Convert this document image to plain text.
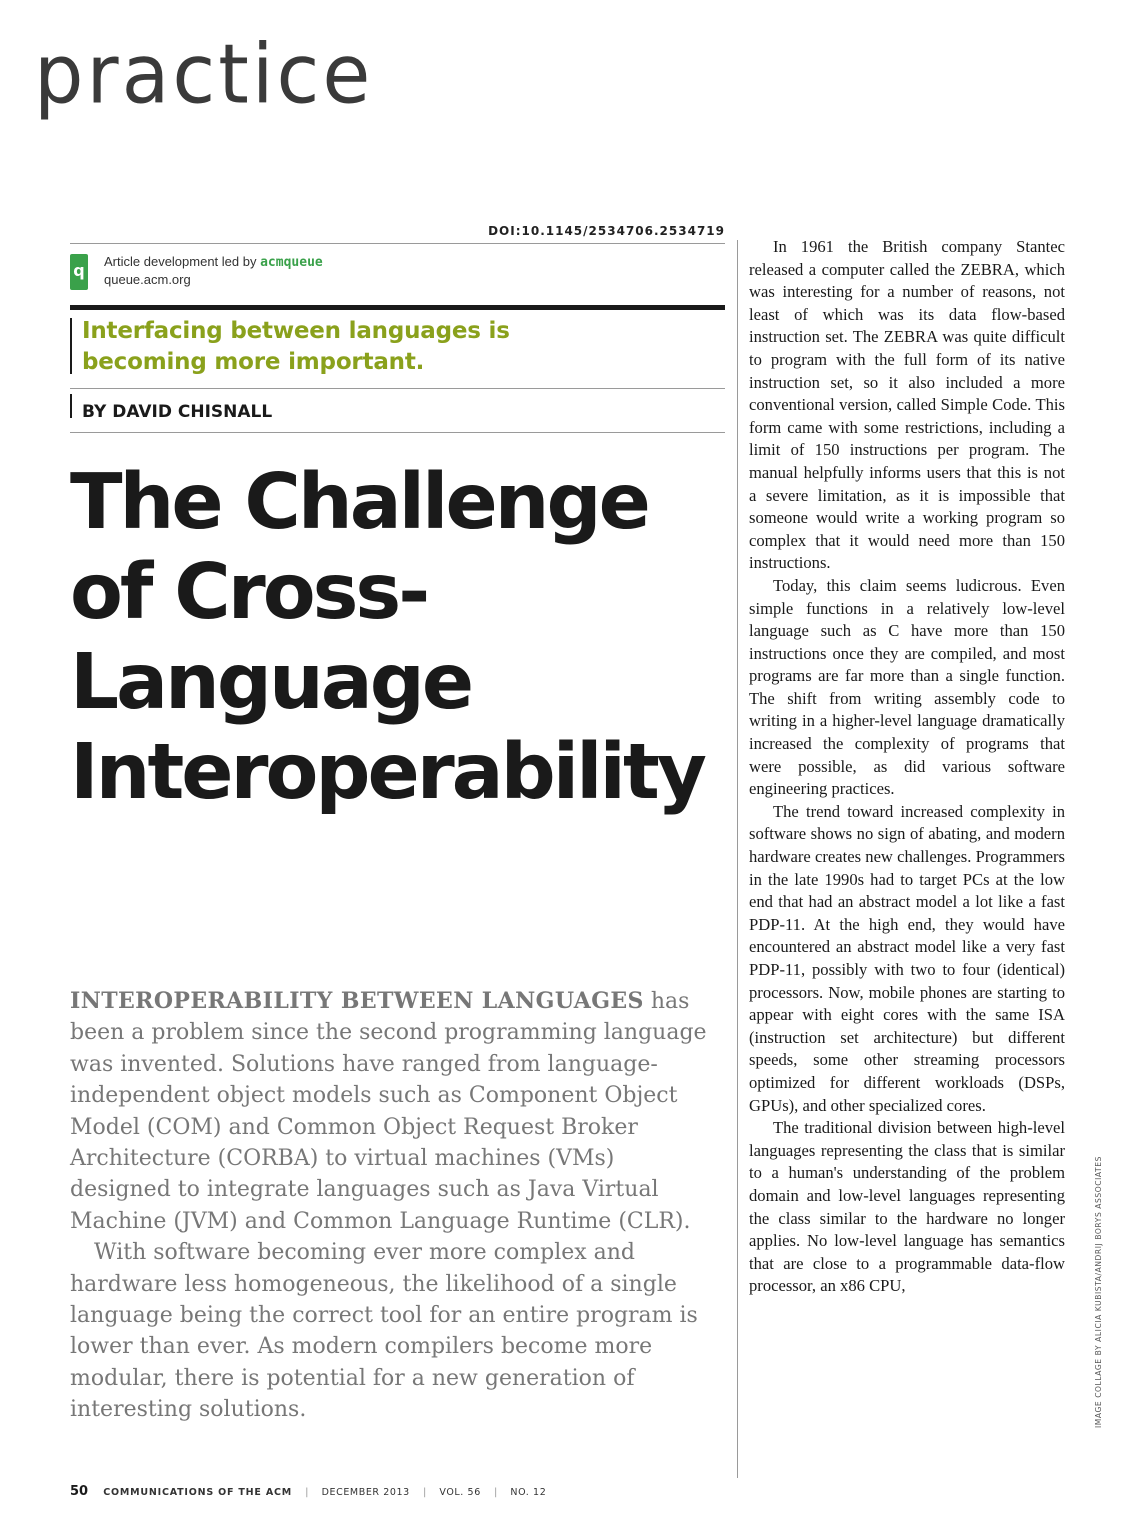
practice
DOI:10.1145/2534706.2534719
q Article development led by acmqueue
queue.acm.org
Interfacing between languages is becoming more important.
BY DAVID CHISNALL
The Challenge
of Cross-
Language
Interoperability

INTEROPERABILITY BETWEEN LANGUAGES has been a problem since the second programming language was invented. Solutions have ranged from language-independent object models such as Component Object Model (COM) and Common Object Request Broker Architecture (CORBA) to virtual machines (VMs) designed to integrate languages such as Java Virtual Machine (JVM) and Common Language Runtime (CLR).

With software becoming ever more complex and hardware less homogeneous, the likelihood of a single language being the correct tool for an entire program is lower than ever. As modern compilers become more modular, there is potential for a new generation of interesting solutions.

In 1961 the British company Stantec released a computer called the ZEBRA, which was interesting for a number of reasons, not least of which was its data flow-based instruction set. The ZEBRA was quite difficult to program with the full form of its native instruction set, so it also included a more conventional version, called Simple Code. This form came with some restrictions, including a limit of 150 instructions per program. The manual helpfully informs users that this is not a severe limitation, as it is impossible that someone would write a working program so complex that it would need more than 150 instructions.

Today, this claim seems ludicrous. Even simple functions in a relatively low-level language such as C have more than 150 instructions once they are compiled, and most programs are far more than a single function. The shift from writing assembly code to writing in a higher-level language dramatically increased the complexity of programs that were possible, as did various software engineering practices.

The trend toward increased complexity in software shows no sign of abating, and modern hardware creates new challenges. Programmers in the late 1990s had to target PCs at the low end that had an abstract model a lot like a fast PDP-11. At the high end, they would have encountered an abstract model like a very fast PDP-11, possibly with two to four (identical) processors. Now, mobile phones are starting to appear with eight cores with the same ISA (instruction set architecture) but different speeds, some other streaming processors optimized for different workloads (DSPs, GPUs), and other specialized cores.

The traditional division between high-level languages representing the class that is similar to a human's understanding of the problem domain and low-level languages representing the class similar to the hardware no longer applies. No low-level language has semantics that are close to a programmable data-flow processor, an x86 CPU,	IMAGE COLLAGE BY ALICIA KUBISTA/ANDRIJ BORYS ASSOCIATES
50 COMMUNICATIONS OF THE ACM | DECEMBER 2013 | VOL. 56 | NO. 12
